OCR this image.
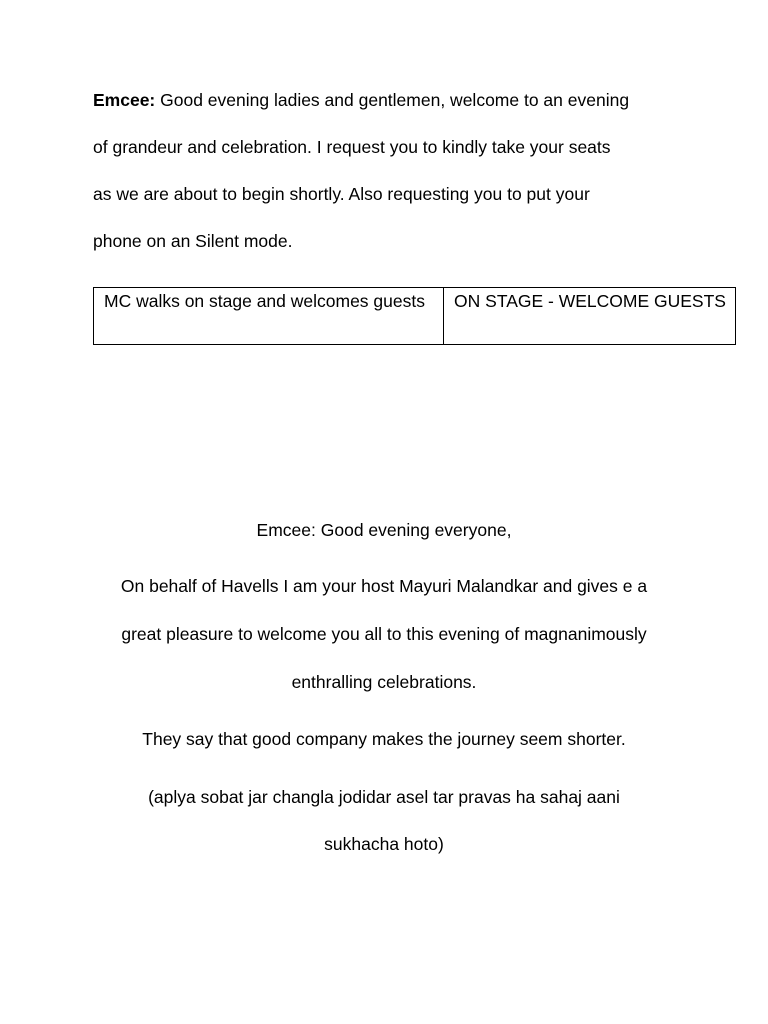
Emcee: Good evening ladies and gentlemen, welcome to an evening
of grandeur and celebration. I request you to kindly take your seats
as we are about to begin shortly. Also requesting you to put your
phone on an Silent mode.
MC walks on stage and welcomes guests	ON STAGE - WELCOME GUESTS
Emcee: Good evening everyone,
On behalf of Havells I am your host Mayuri Malandkar and gives e a
great pleasure to welcome you all to this evening of magnanimously
enthralling celebrations.
They say that good company makes the journey seem shorter.
(aplya sobat jar changla jodidar asel tar pravas ha sahaj aani
sukhacha hoto)
